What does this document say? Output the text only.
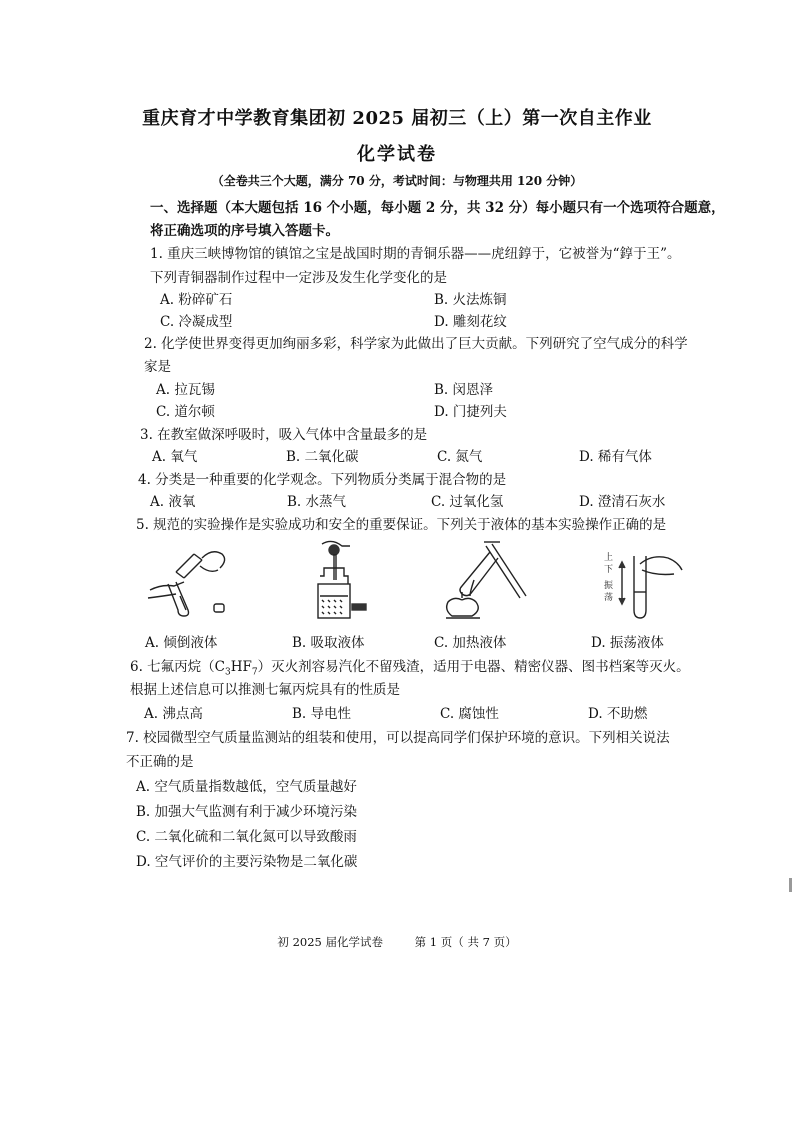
重庆育才中学教育集团初 2025 届初三（上）第一次自主作业
化学试卷
（全卷共三个大题，满分 70 分，考试时间：与物理共用 120 分钟）
一、选择题（本大题包括 16 个小题，每小题 2 分，共 32 分）每小题只有一个选项符合题意，
将正确选项的序号填入答题卡。
1. 重庆三峡博物馆的镇馆之宝是战国时期的青铜乐器——虎纽錞于，它被誉为“錞于王”。
下列青铜器制作过程中一定涉及发生化学变化的是
A. 粉碎矿石	B. 火法炼铜
C. 冷凝成型	D. 雕刻花纹
2. 化学使世界变得更加绚丽多彩，科学家为此做出了巨大贡献。下列研究了空气成分的科学
家是
A. 拉瓦锡	B. 闵恩泽
C. 道尔顿	D. 门捷列夫
3. 在教室做深呼吸时，吸入气体中含量最多的是
A. 氧气	B. 二氧化碳	C. 氮气	D. 稀有气体
4. 分类是一种重要的化学观念。下列物质分类属于混合物的是
A. 液氧	B. 水蒸气	C. 过氧化氢	D. 澄清石灰水
5. 规范的实验操作是实验成功和安全的重要保证。下列关于液体的基本实验操作正确的是
上
下
振
荡
A. 倾倒液体	B. 吸取液体	C. 加热液体	D. 振荡液体
6. 七氟丙烷$(C_3HF_7)$灭火剂容易汽化不留残渣，适用于电器、精密仪器、图书档案等灭火。
根据上述信息可以推测七氟丙烷具有的性质是
A. 沸点高	B. 导电性	C. 腐蚀性	D. 不助燃
7. 校园微型空气质量监测站的组装和使用，可以提高同学们保护环境的意识。下列相关说法
不正确的是
A. 空气质量指数越低，空气质量越好
B. 加强大气监测有利于减少环境污染
C. 二氧化硫和二氧化氮可以导致酸雨
D. 空气评价的主要污染物是二氧化碳
初 2025 届化学试卷	第 1 页（ 共 7 页）
